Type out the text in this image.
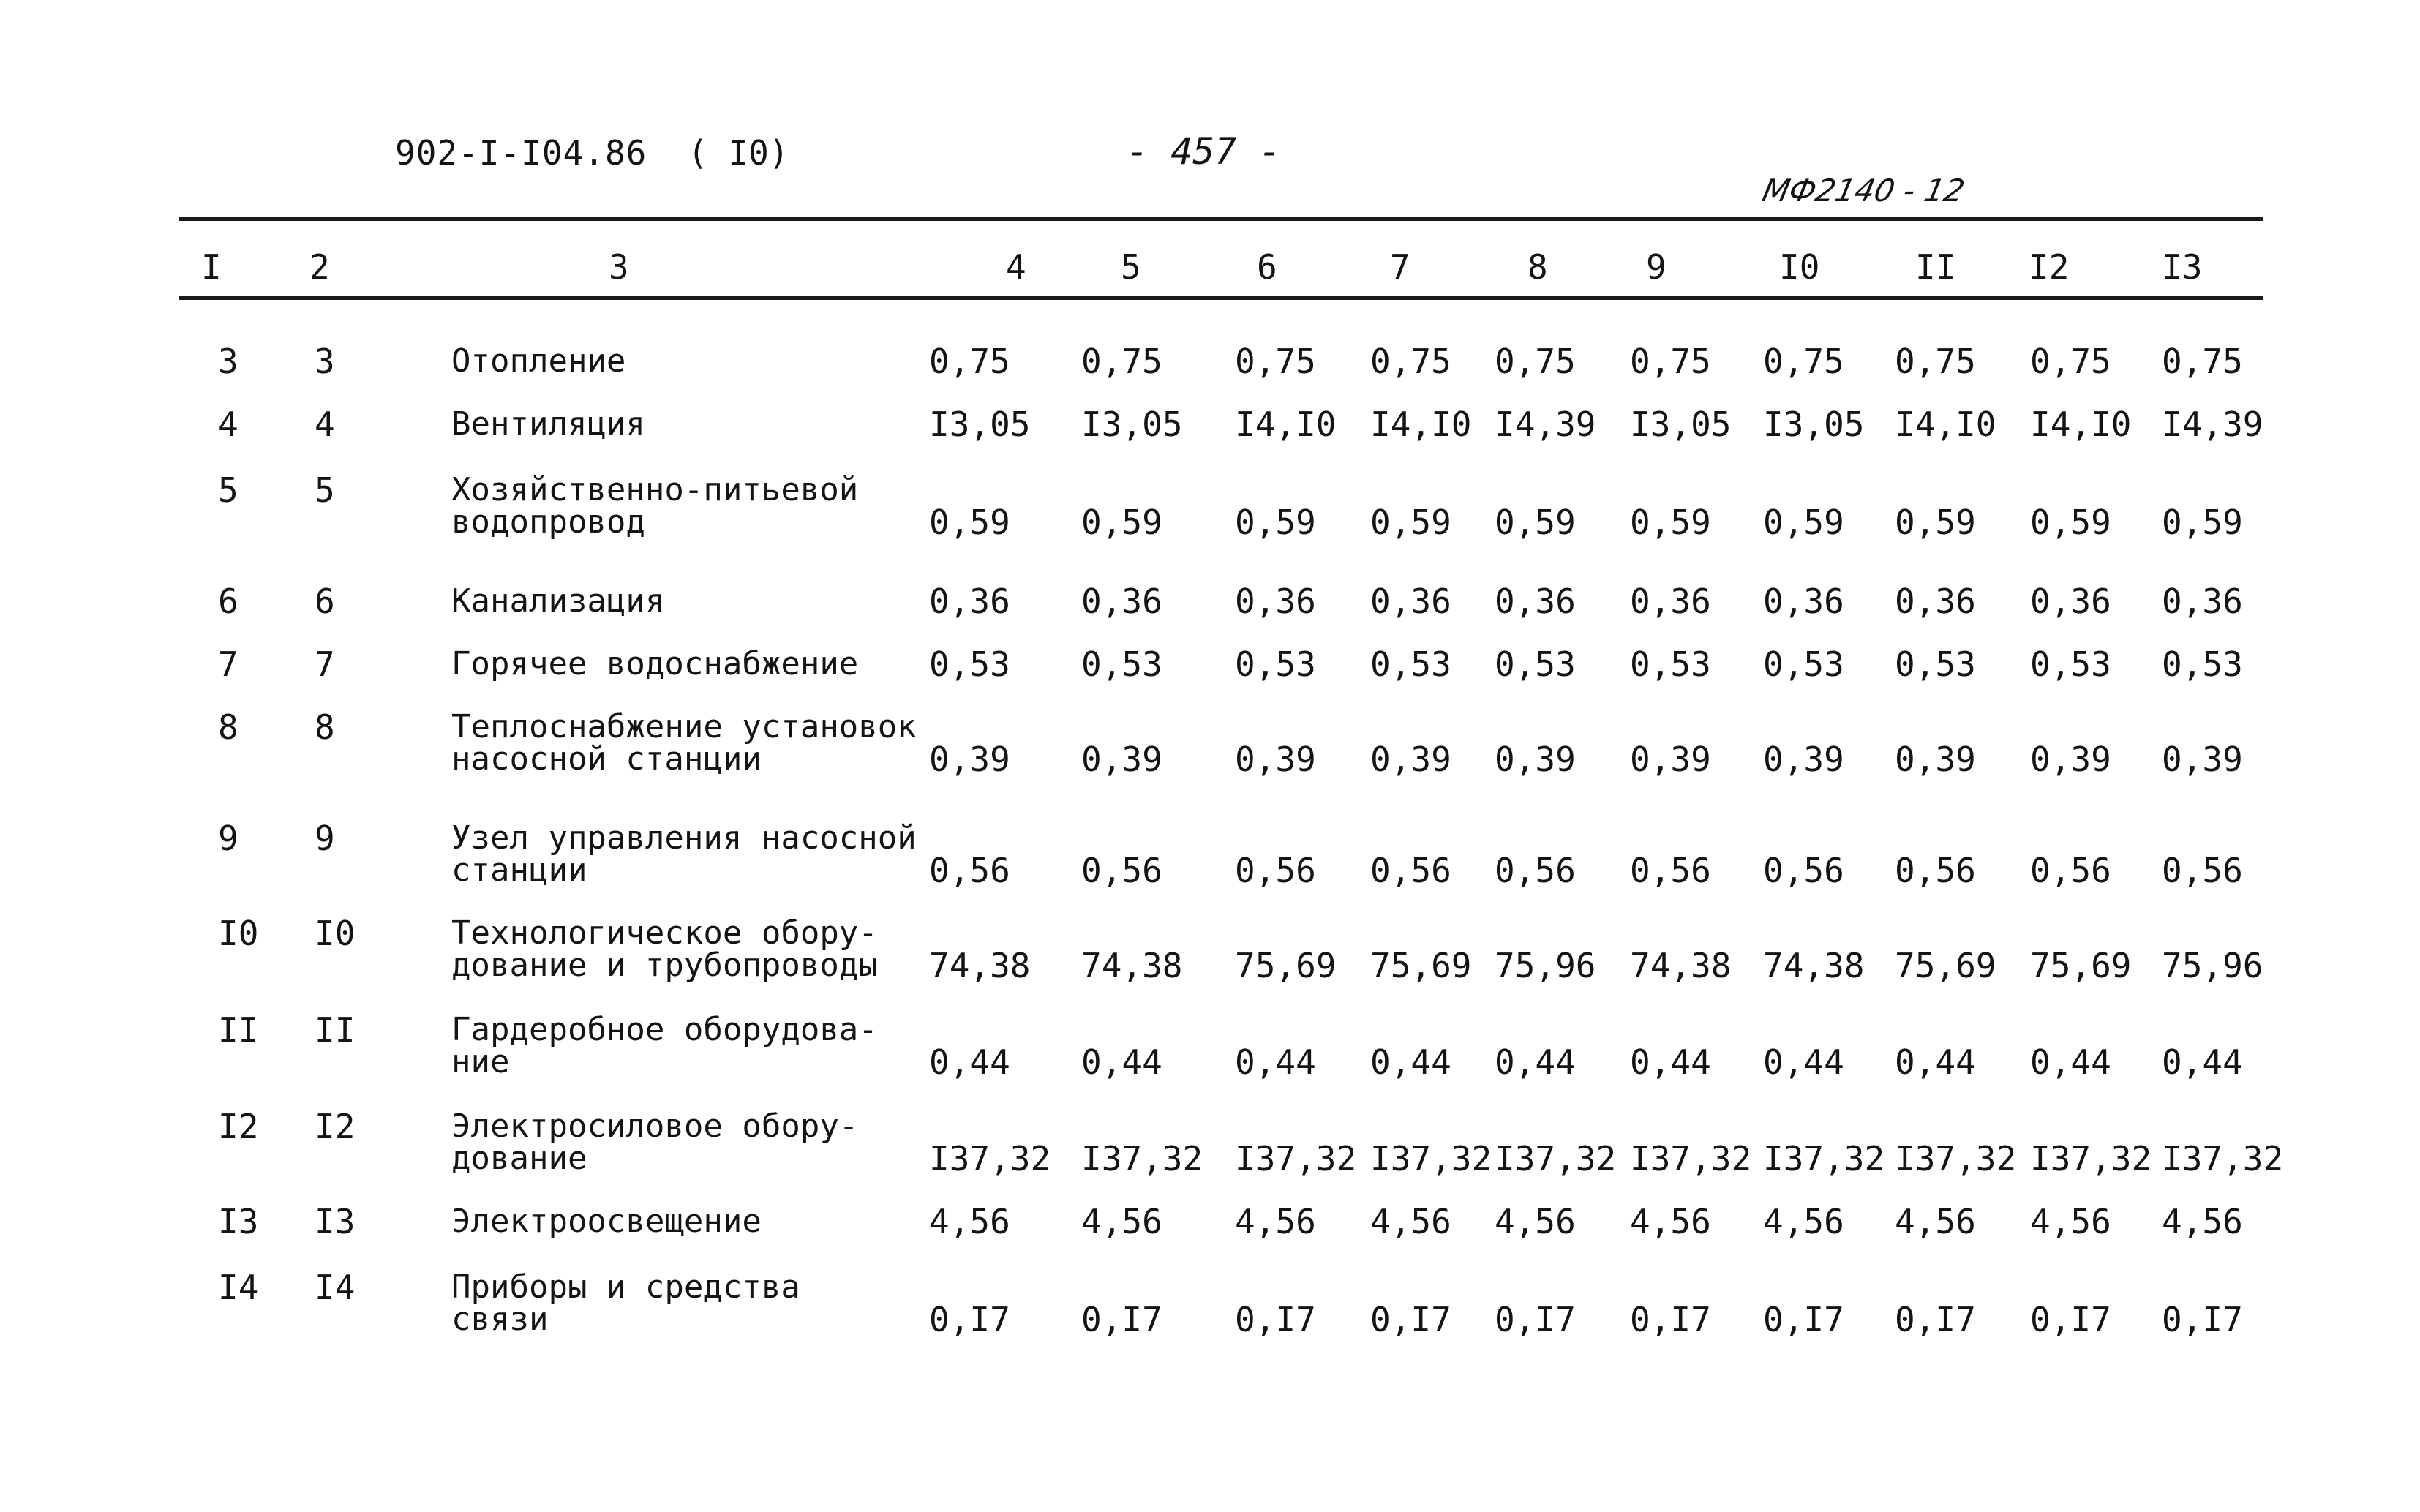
902-I-I04.86 ( I0)	- 457 -
МФ2140 - 12
I	2	3	4	5	6	7	8	9	I0	II I2	I3
3 3	Отопление	0,75 0,75 0,75 0,75 0,75 0,75 0,75 0,75 0,75 0,75
4 4	Вентиляция	I3,05 I3,05 I4,I0 I4,I0 I4,39 I3,05 I3,05 I4,I0 I4,I0 I4,39
5 5	Хозяйственно-питьевой
водопровод	0,59 0,59 0,59 0,59 0,59 0,59 0,59 0,59 0,59 0,59
6 6	Канализация	0,36 0,36 0,36 0,36 0,36 0,36 0,36 0,36 0,36 0,36
7 7	Горячее водоснабжение 0,53 0,53 0,53 0,53 0,53 0,53 0,53 0,53 0,53 0,53
8 8	Теплоснабжение установок
насосной станции	0,39 0,39 0,39 0,39 0,39 0,39 0,39 0,39 0,39 0,39
9 9	Узел управления насосной
станции	0,56 0,56 0,56 0,56 0,56 0,56 0,56 0,56 0,56 0,56
I0 I0	Технологическое обору-
дование и трубопроводы 74,38 74,38 75,69 75,69 75,96 74,38 74,38 75,69 75,69 75,96
II II	Гардеробное оборудова-
ние	0,44 0,44 0,44 0,44 0,44 0,44 0,44 0,44 0,44 0,44
I2 I2	Электросиловое обору-
дование	I37,32 I37,32 I37,32 I37,32 I37,32 I37,32 I37,32 I37,32 I37,32 I37,32
I3 I3	Электроосвещение	4,56 4,56 4,56 4,56 4,56 4,56 4,56 4,56 4,56 4,56
I4 I4	Приборы и средства
связи	0,I7 0,I7 0,I7 0,I7 0,I7 0,I7 0,I7 0,I7 0,I7 0,I7
